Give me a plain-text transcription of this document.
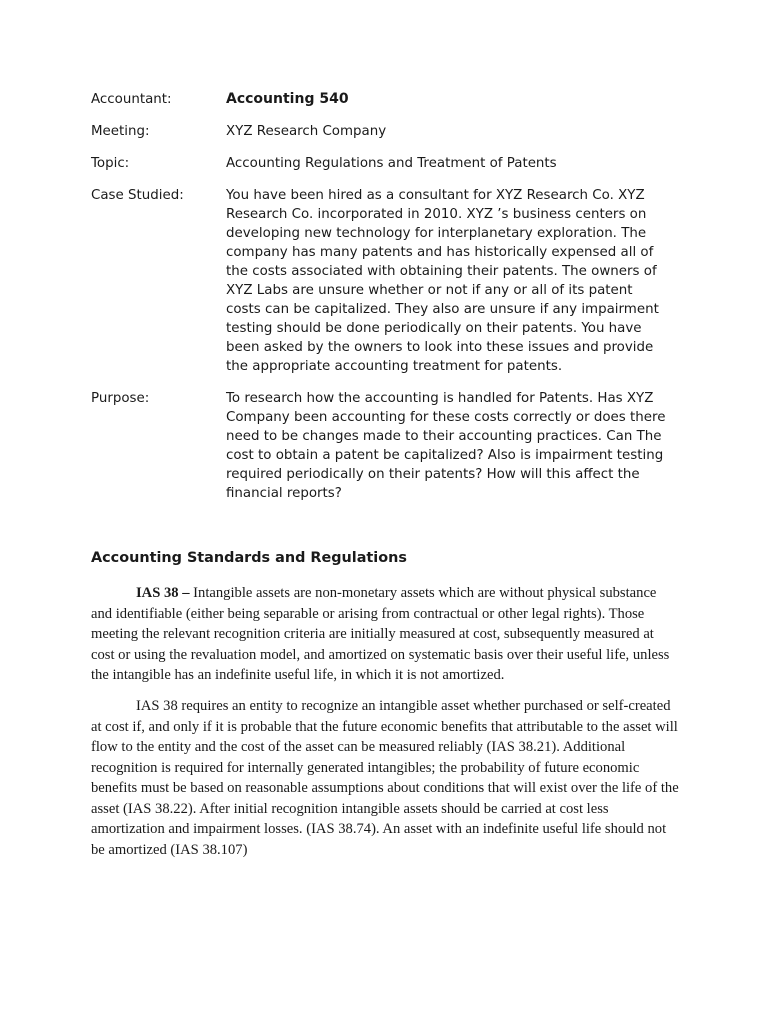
Accountant:	Accounting 540
Meeting:	XYZ Research Company
Topic:	Accounting Regulations and Treatment of Patents
Case Studied:	You have been hired as a consultant for XYZ Research Co. XYZ Research Co. incorporated in 2010. XYZ ’s business centers on developing new technology for interplanetary exploration. The company has many patents and has historically expensed all of the costs associated with obtaining their patents. The owners of XYZ Labs are unsure whether or not if any or all of its patent costs can be capitalized. They also are unsure if any impairment testing should be done periodically on their patents. You have been asked by the owners to look into these issues and provide the appropriate accounting treatment for patents.
Purpose:	To research how the accounting is handled for Patents. Has XYZ Company been accounting for these costs correctly or does there need to be changes made to their accounting practices. Can The cost to obtain a patent be capitalized? Also is impairment testing required periodically on their patents? How will this affect the financial reports?
Accounting Standards and Regulations

IAS 38 – Intangible assets are non-monetary assets which are without physical substance and identifiable (either being separable or arising from contractual or other legal rights). Those meeting the relevant recognition criteria are initially measured at cost, subsequently measured at cost or using the revaluation model, and amortized on systematic basis over their useful life, unless the intangible has an indefinite useful life, in which it is not amortized.

IAS 38 requires an entity to recognize an intangible asset whether purchased or self-created at cost if, and only if it is probable that the future economic benefits that attributable to the asset will flow to the entity and the cost of the asset can be measured reliably (IAS 38.21). Additional recognition is required for internally generated intangibles; the probability of future economic benefits must be based on reasonable assumptions about conditions that will exist over the life of the asset (IAS 38.22). After initial recognition intangible assets should be carried at cost less amortization and impairment losses. (IAS 38.74). An asset with an indefinite useful life should not be amortized (IAS 38.107)
